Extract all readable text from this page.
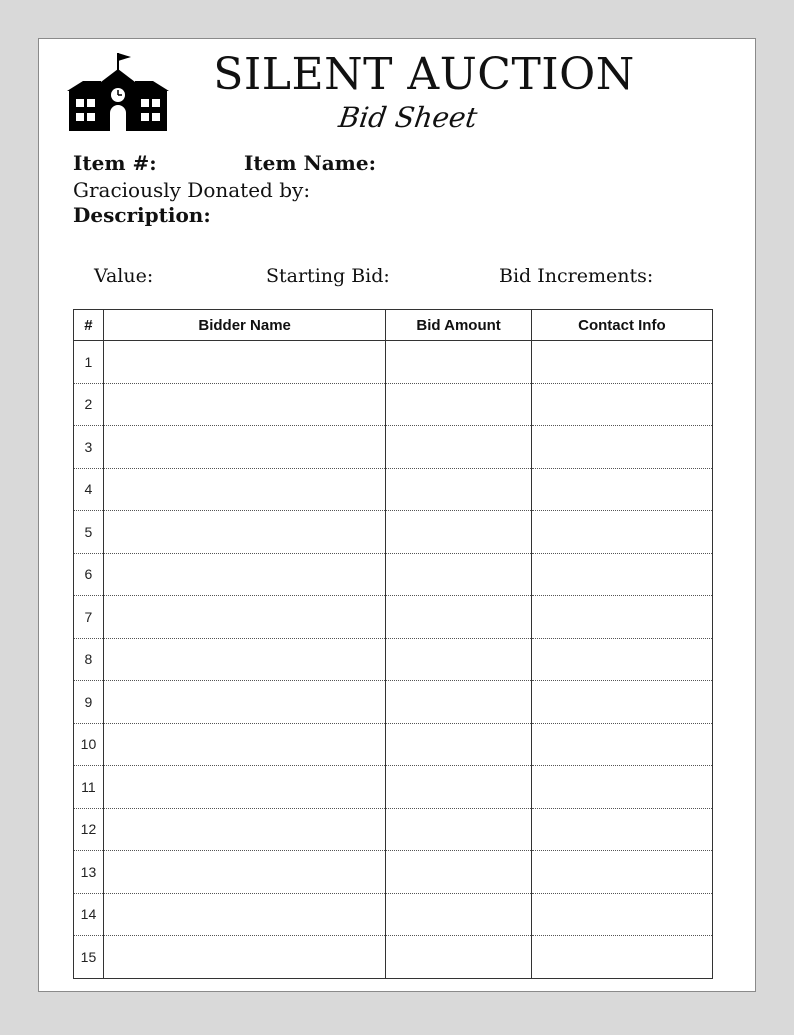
SILENT AUCTION
Bid Sheet
Item #:	Item Name:
Graciously Donated by:
Description:
Value:	Starting Bid:	Bid Increments:
#	Bidder Name	Bid Amount	Contact Info
1			
2			
3			
4			
5			
6			
7			
8			
9			
10			
11			
12			
13			
14			
15			
